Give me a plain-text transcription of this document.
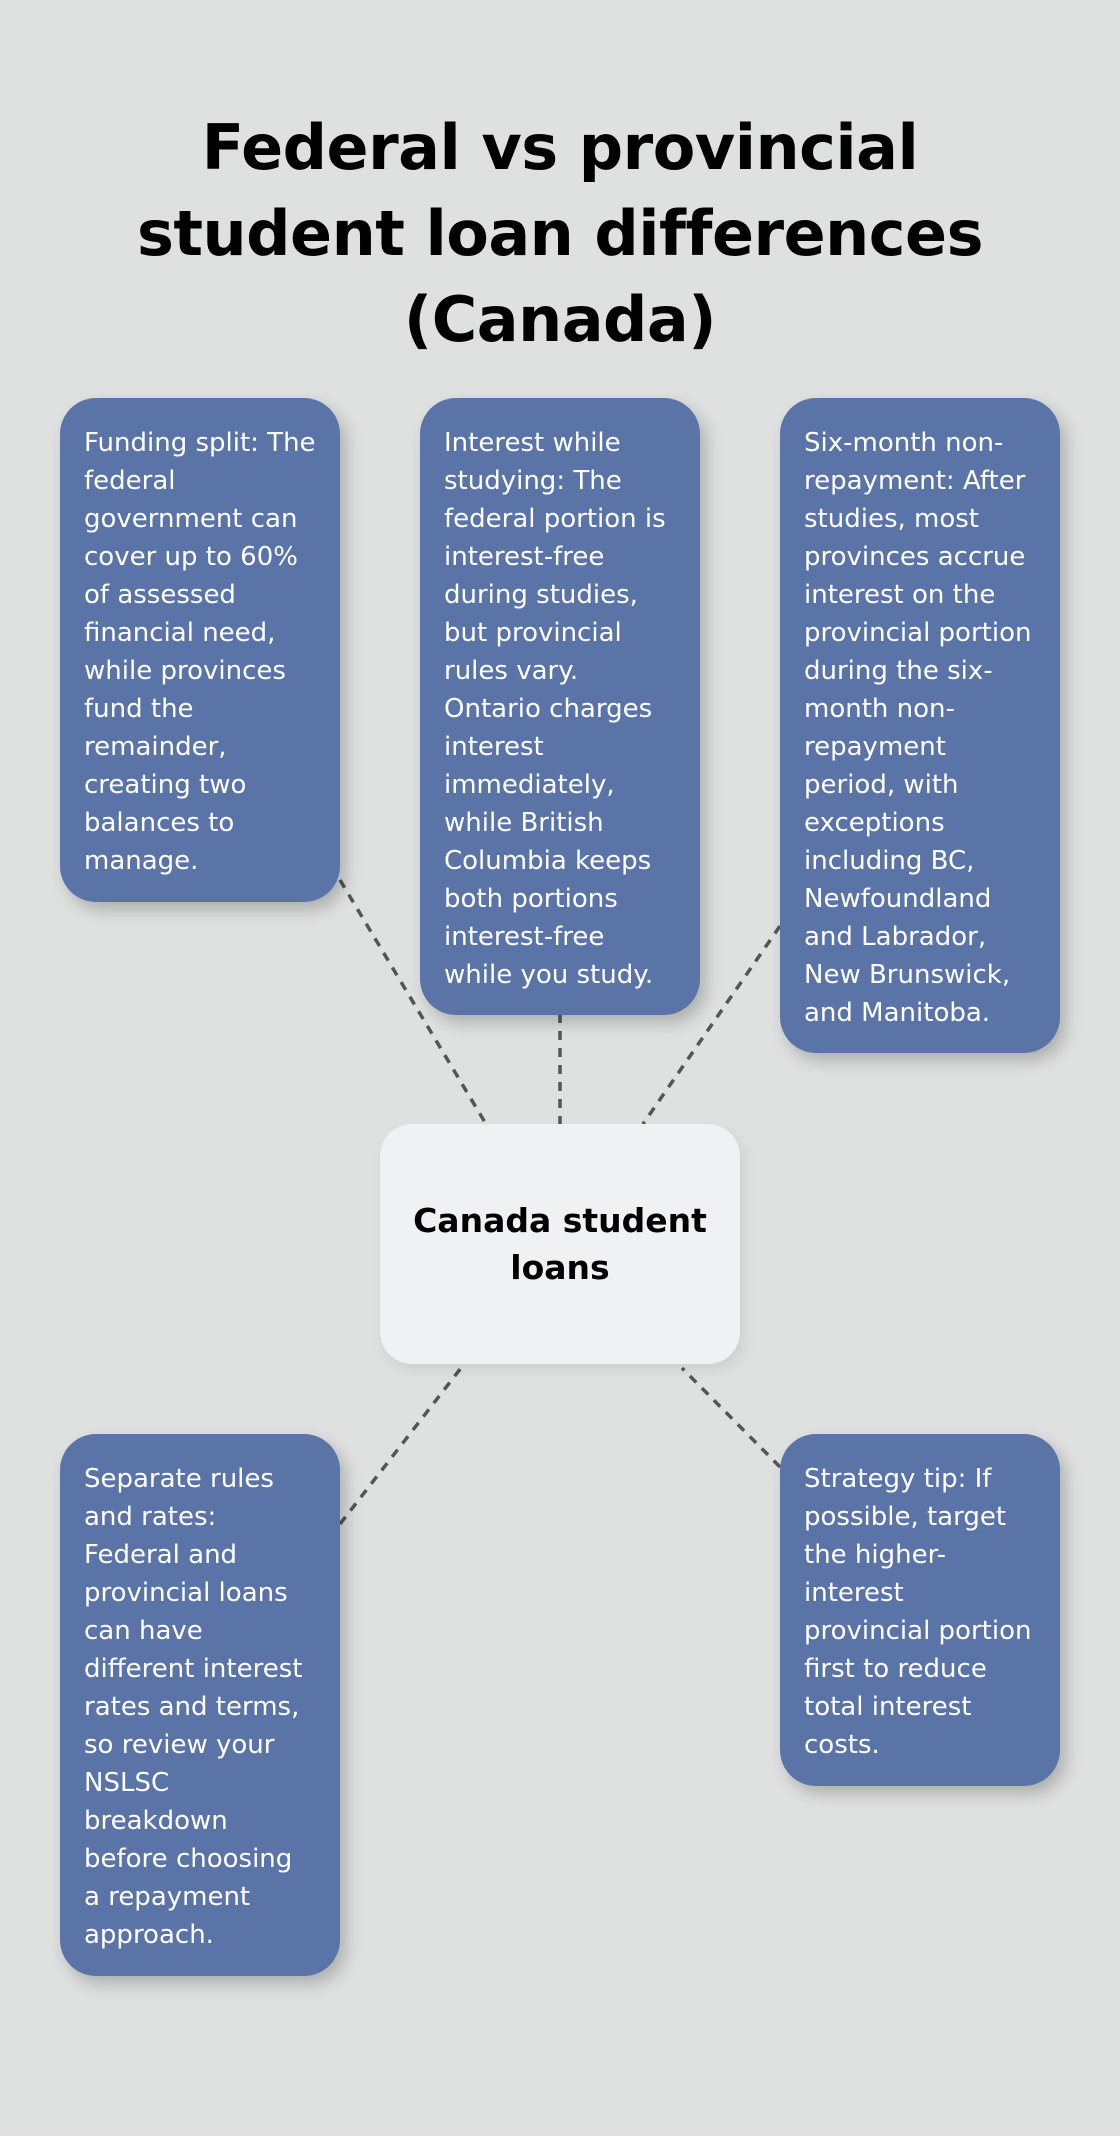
Federal vs provincial student loan differences (Canada)
Funding split: The federal government can cover up to 60% of assessed financial need, while provinces fund the remainder, creating two balances to manage.
Interest while studying: The federal portion is interest-free during studies, but provincial rules vary. Ontario charges interest immediately, while British Columbia keeps both portions interest-free while you study.
Six-month non-repayment: After studies, most provinces accrue interest on the provincial portion during the six-month non-repayment period, with exceptions including BC, Newfoundland and Labrador, New Brunswick, and Manitoba.
Separate rules and rates: Federal and provincial loans can have different interest rates and terms, so review your NSLSC breakdown before choosing a repayment approach.
Strategy tip: If possible, target the higher-interest provincial portion first to reduce total interest costs.
Canada student loans
